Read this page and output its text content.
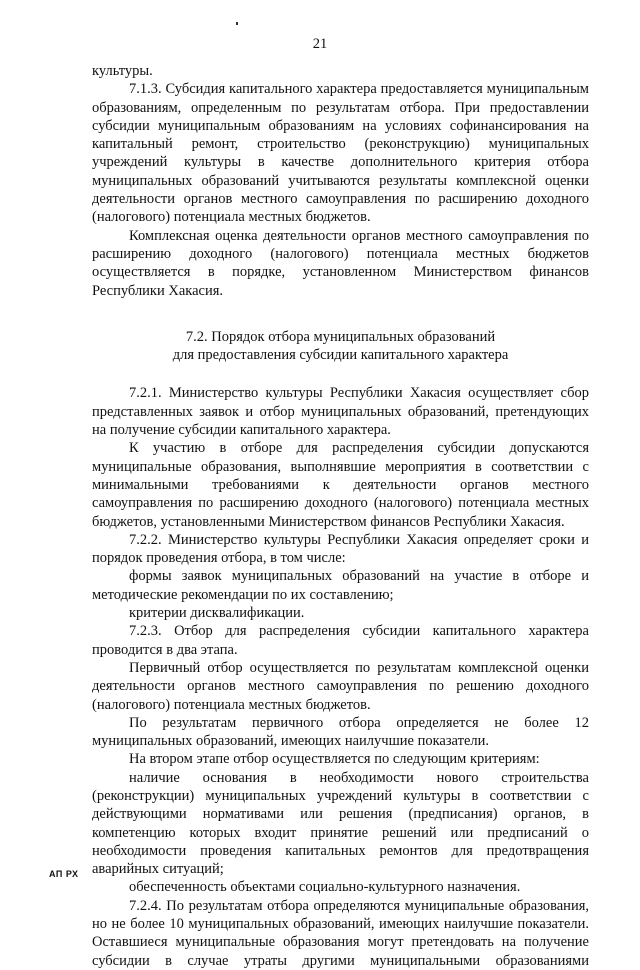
21

культуры.

7.1.3. Субсидия капитального характера предоставляется муниципальным образованиям, определенным по результатам отбора. При предоставлении субсидии муниципальным образованиям на условиях софинансирования на капитальный ремонт, строительство (реконструкцию) муниципальных учреждений культуры в качестве дополнительного критерия отбора муниципальных образований учитываются результаты комплексной оценки деятельности органов местного самоуправления по расширению доходного (налогового) потенциала местных бюджетов.

Комплексная оценка деятельности органов местного самоуправления по расширению доходного (налогового) потенциала местных бюджетов осуществляется в порядке, установленном Министерством финансов Республики Хакасия.

7.2. Порядок отбора муниципальных образований
для предоставления субсидии капитального характера

7.2.1. Министерство культуры Республики Хакасия осуществляет сбор представленных заявок и отбор муниципальных образований, претендующих на получение субсидии капитального характера.

К участию в отборе для распределения субсидии допускаются муниципальные образования, выполнявшие мероприятия в соответствии с минимальными требованиями к деятельности органов местного самоуправления по расширению доходного (налогового) потенциала местных бюджетов, установленными Министерством финансов Республики Хакасия.

7.2.2. Министерство культуры Республики Хакасия определяет сроки и порядок проведения отбора, в том числе:

формы заявок муниципальных образований на участие в отборе и методические рекомендации по их составлению;

критерии дисквалификации.

7.2.3. Отбор для распределения субсидии капитального характера проводится в два этапа.

Первичный отбор осуществляется по результатам комплексной оценки деятельности органов местного самоуправления по решению доходного (налогового) потенциала местных бюджетов.

По результатам первичного отбора определяется не более 12 муниципальных образований, имеющих наилучшие показатели.

На втором этапе отбор осуществляется по следующим критериям:

наличие основания в необходимости нового строительства (реконструкции) муниципальных учреждений культуры в соответствии с действующими нормативами или решения (предписания) органов, в компетенцию которых входит принятие решений или предписаний о необходимости проведения капитальных ремонтов для предотвращения аварийных ситуаций;

обеспеченность объектами социально-культурного назначения.

7.2.4. По результатам отбора определяются муниципальные образования, но не более 10 муниципальных образований, имеющих наилучшие показатели. Оставшиеся муниципальные образования могут претендовать на получение субсидии в случае утраты другими муниципальными образованиями

АП РХ
